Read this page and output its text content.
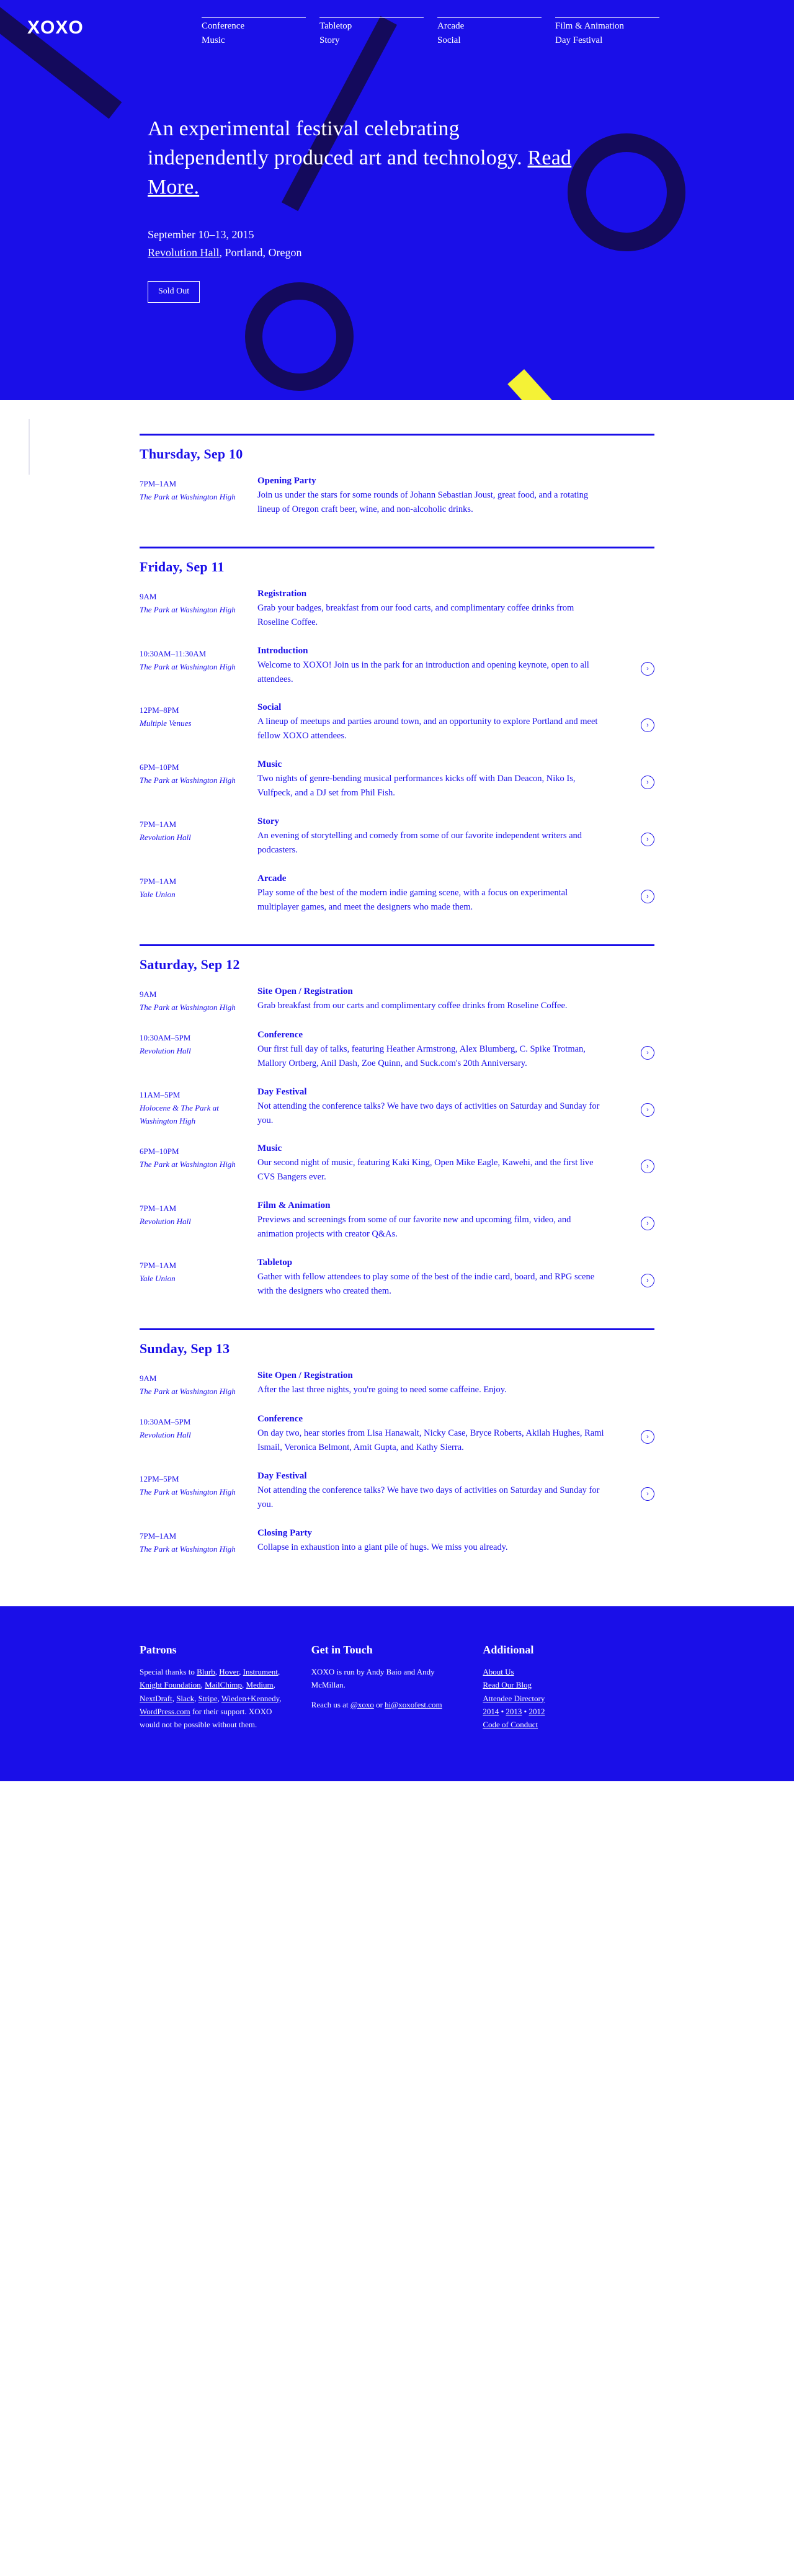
XOXO	Conference
Music
Tabletop
Story
Arcade
Social
Film & Animation
Day Festival
An experimental festival celebrating independently produced art and technology. Read More.
September 10–13, 2015
Revolution Hall, Portland, Oregon
Sold Out
Thursday, Sep 10
7PM–1AM
The Park at Washington High
Opening Party

Join us under the stars for some rounds of Johann Sebastian Joust, great food, and a rotating lineup of Oregon craft beer, wine, and non-alcoholic drinks.

Friday, Sep 11
9AM
The Park at Washington High
Registration

Grab your badges, breakfast from our food carts, and complimentary coffee drinks from Roseline Coffee.

10:30AM–11:30AM
The Park at Washington High
Introduction

Welcome to XOXO! Join us in the park for an introduction and opening keynote, open to all attendees.

›
12PM–8PM
Multiple Venues
Social

A lineup of meetups and parties around town, and an opportunity to explore Portland and meet fellow XOXO attendees.

›
6PM–10PM
The Park at Washington High
Music

Two nights of genre-bending musical performances kicks off with Dan Deacon, Niko Is, Vulfpeck, and a DJ set from Phil Fish.

›
7PM–1AM
Revolution Hall
Story

An evening of storytelling and comedy from some of our favorite independent writers and podcasters.

›
7PM–1AM
Yale Union
Arcade

Play some of the best of the modern indie gaming scene, with a focus on experimental multiplayer games, and meet the designers who made them.

›
Saturday, Sep 12
9AM
The Park at Washington High
Site Open / Registration

Grab breakfast from our carts and complimentary coffee drinks from Roseline Coffee.

10:30AM–5PM
Revolution Hall
Conference

Our first full day of talks, featuring Heather Armstrong, Alex Blumberg, C. Spike Trotman, Mallory Ortberg, Anil Dash, Zoe Quinn, and Suck.com's 20th Anniversary.

›
11AM–5PM
Holocene & The Park at Washington High
Day Festival

Not attending the conference talks? We have two days of activities on Saturday and Sunday for you.

›
6PM–10PM
The Park at Washington High
Music

Our second night of music, featuring Kaki King, Open Mike Eagle, Kawehi, and the first live CVS Bangers ever.

›
7PM–1AM
Revolution Hall
Film & Animation

Previews and screenings from some of our favorite new and upcoming film, video, and animation projects with creator Q&As.

›
7PM–1AM
Yale Union
Tabletop

Gather with fellow attendees to play some of the best of the indie card, board, and RPG scene with the designers who created them.

›
Sunday, Sep 13
9AM
The Park at Washington High
Site Open / Registration

After the last three nights, you're going to need some caffeine. Enjoy.

10:30AM–5PM
Revolution Hall
Conference

On day two, hear stories from Lisa Hanawalt, Nicky Case, Bryce Roberts, Akilah Hughes, Rami Ismail, Veronica Belmont, Amit Gupta, and Kathy Sierra.

›
12PM–5PM
The Park at Washington High
Day Festival

Not attending the conference talks? We have two days of activities on Saturday and Sunday for you.

›
7PM–1AM
The Park at Washington High
Closing Party

Collapse in exhaustion into a giant pile of hugs. We miss you already.

Patrons

Special thanks to Blurb, Hover, Instrument, Knight Foundation, MailChimp, Medium, NextDraft, Slack, Stripe, Wieden+Kennedy, WordPress.com for their support. XOXO would not be possible without them.

Get in Touch

XOXO is run by Andy Baio and Andy McMillan.

Reach us at @xoxo or hi@xoxofest.com

Additional
About Us
Read Our Blog
Attendee Directory

2014 • 2013 • 2012
Code of Conduct
